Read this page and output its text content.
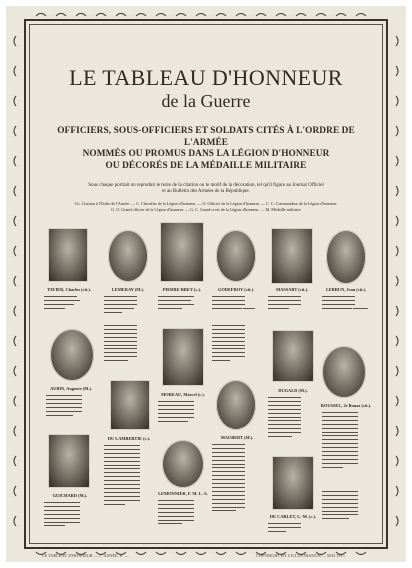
LE TABLEAU D'HONNEUR
de la Guerre
OFFICIERS, SOUS-OFFICIERS ET SOLDATS CITÉS À L'ORDRE DE L'ARMÉE
NOMMÉS OU PROMUS DANS LA LÉGION D'HONNEUR
OU DÉCORÉS DE LA MÉDAILLE MILITAIRE
Sous chaque portrait on reproduit le texte de la citation ou le motif de la décoration, tel qu'il figure au Journal Officiel
et au Bulletin des Armées de la République.
Cit. Citation à l'Ordre de l'Armée. — C. Chevalier de la Légion d'honneur. — O. Officier de la Légion d'honneur. — C. C. Commandeur de la Légion d'honneur.
G. O. Grand officier de la Légion d'honneur. — G. C. Grand-croix de la Légion d'honneur. — M. Médaille militaire
TAVIER, Charles (cit.).	LEMERAY (M.).	PIERRE-BREY (c.).	GODEFROY (cit.).	MASSART (cit.).	LEBRUN, Jean (cit.).
▬▬▬▬▬▬▬▬▬▬▬ ▬▬▬▬▬▬▬▬▬▬▬▬ ▬▬▬▬▬▬▬▬▬▬ ▬▬▬▬▬▬▬
▬▬▬▬▬▬▬▬▬▬▬ ▬▬▬▬▬▬▬▬▬▬▬ ▬▬▬▬▬▬▬▬▬▬▬ ▬▬▬▬▬▬▬▬▬▬ ▬▬▬▬▬▬
▬▬▬▬▬▬▬▬▬▬▬▬ ▬▬▬▬▬▬▬▬▬▬▬ ▬▬▬▬▬▬▬▬▬▬▬▬ ▬▬▬▬▬▬▬▬
▬▬▬▬▬▬▬▬▬▬▬ ▬▬▬▬▬▬▬▬▬▬▬ ▬▬▬▬▬▬▬▬▬▬▬ ▬▬▬▬▬▬▬▬▬▬ ▬▬▬▬
▬▬▬▬▬▬▬▬▬▬▬ ▬▬▬▬▬▬▬▬▬▬▬ ▬▬▬▬▬▬▬▬▬▬▬ ▬▬▬▬▬▬▬
▬▬▬▬▬▬▬▬▬▬▬ ▬▬▬▬▬▬▬▬▬▬▬ ▬▬▬▬▬▬▬▬▬▬▬ ▬▬▬▬▬▬▬▬▬▬ ▬▬▬▬▬
▬▬▬▬▬▬▬▬▬▬▬ ▬▬▬▬▬▬▬▬▬▬▬ ▬▬▬▬▬▬▬▬▬▬▬ ▬▬▬▬▬▬▬▬▬▬▬ ▬▬▬▬▬▬▬▬▬▬▬ ▬▬▬▬▬▬▬▬▬▬▬ ▬▬▬▬▬▬▬▬▬▬▬ ▬▬▬▬▬▬▬▬▬▬▬ ▬▬▬▬▬▬▬▬▬▬▬ ▬▬▬▬▬▬▬▬
▬▬▬▬▬▬▬▬▬▬▬ ▬▬▬▬▬▬▬▬▬▬▬ ▬▬▬▬▬▬▬▬▬▬▬ ▬▬▬▬▬▬▬▬▬▬▬ ▬▬▬▬▬▬▬▬▬▬▬ ▬▬▬▬▬▬▬▬▬▬▬ ▬▬▬▬▬▬▬▬▬▬▬ ▬▬▬▬▬▬▬▬▬▬▬ ▬▬▬▬▬▬▬▬▬▬▬ ▬▬▬▬▬▬
AUBIN, Auguste (M.).
MOREAU, Marcel (c.).
DUGALD (M.).
ROUSSEL, 2e Bouaz (cit.).
▬▬▬▬▬▬▬▬▬▬▬▬ ▬▬▬▬▬▬▬▬▬▬▬▬ ▬▬▬▬▬▬▬▬▬▬▬▬ ▬▬▬▬▬▬▬▬▬▬▬▬ ▬▬▬▬▬▬▬▬▬▬▬▬ ▬▬▬▬▬▬▬▬▬
▬▬▬▬▬▬▬▬▬▬▬▬ ▬▬▬▬▬▬▬▬▬▬▬▬ ▬▬▬▬▬▬▬▬▬▬▬▬ ▬▬▬▬▬▬▬▬▬▬▬▬ ▬▬▬▬▬▬▬▬▬▬▬▬ ▬▬▬▬▬▬▬▬▬▬
▬▬▬▬▬▬▬▬▬▬▬ ▬▬▬▬▬▬▬▬▬▬▬ ▬▬▬▬▬▬▬▬▬▬▬ ▬▬▬▬▬▬▬▬▬▬▬ ▬▬▬▬▬▬▬▬▬▬▬ ▬▬▬▬▬▬▬▬▬▬▬ ▬▬▬▬▬▬▬▬▬▬▬ ▬▬▬▬▬▬▬▬▬▬▬ ▬▬▬▬▬▬▬▬▬▬▬ ▬▬▬▬▬▬▬▬▬▬▬ ▬▬▬▬▬▬▬▬
▬▬▬▬▬▬▬▬▬▬▬▬ ▬▬▬▬▬▬▬▬▬▬▬▬ ▬▬▬▬▬▬▬▬▬▬▬▬ ▬▬▬▬▬▬▬▬▬▬▬▬ ▬▬▬▬▬▬▬▬▬▬▬▬ ▬▬▬▬▬▬▬▬▬▬▬▬ ▬▬▬▬▬▬▬▬▬▬▬▬ ▬▬▬▬▬▬▬▬▬▬▬▬ ▬▬▬▬▬▬▬▬▬▬▬▬ ▬▬▬▬▬▬▬▬▬▬▬▬ ▬▬▬▬▬▬▬▬▬▬▬▬ ▬▬▬▬▬▬▬▬▬▬▬▬ ▬▬▬▬▬▬▬▬▬▬▬▬ ▬▬▬▬▬▬▬▬▬▬▬▬ ▬▬▬▬▬▬▬
DU LAMBERTIE (c.).
▬▬▬▬▬▬▬▬▬▬▬▬ ▬▬▬▬▬▬▬▬▬▬▬▬ ▬▬▬▬▬▬▬▬▬▬▬▬ ▬▬▬▬▬▬▬▬▬▬▬▬ ▬▬▬▬▬▬▬▬▬▬▬▬ ▬▬▬▬▬▬▬▬▬▬▬▬ ▬▬▬▬▬▬▬▬▬▬▬▬ ▬▬▬▬▬▬▬▬▬▬▬▬ ▬▬▬▬▬▬▬▬▬▬▬▬ ▬▬▬▬▬▬▬▬▬▬▬▬ ▬▬▬▬▬▬▬▬▬▬▬▬ ▬▬▬▬▬▬▬▬▬▬▬▬ ▬▬▬▬▬▬▬▬▬▬▬▬ ▬▬▬▬▬▬▬▬▬▬▬▬ ▬▬▬▬▬▬▬▬▬▬▬▬ ▬▬▬▬▬▬▬
MAUBERT (M.).
▬▬▬▬▬▬▬▬▬▬▬ ▬▬▬▬▬▬▬▬▬▬▬ ▬▬▬▬▬▬▬▬▬▬▬ ▬▬▬▬▬▬▬▬▬▬▬ ▬▬▬▬▬▬▬▬▬▬▬ ▬▬▬▬▬▬▬▬▬▬▬ ▬▬▬▬▬▬▬▬▬▬▬ ▬▬▬▬▬▬▬▬▬▬▬ ▬▬▬▬▬▬▬▬▬▬▬ ▬▬▬▬▬▬▬▬▬▬▬ ▬▬▬▬▬▬▬▬▬▬▬ ▬▬▬▬▬▬▬▬▬▬▬ ▬▬▬▬▬▬▬▬▬▬▬ ▬▬▬▬▬▬▬▬▬▬▬ ▬▬▬▬▬▬▬▬▬▬▬ ▬▬▬▬▬▬▬▬▬▬▬ ▬▬▬▬▬▬▬▬▬▬▬ ▬▬▬▬▬▬▬▬
GUICHARD (M.).
▬▬▬▬▬▬▬▬▬▬▬▬ ▬▬▬▬▬▬▬▬▬▬▬▬ ▬▬▬▬▬▬▬▬▬▬▬▬ ▬▬▬▬▬▬▬▬▬▬▬▬ ▬▬▬▬▬▬▬▬▬▬▬▬ ▬▬▬▬▬▬▬▬▬▬▬▬ ▬▬▬▬▬▬▬
LEMONNIER, F. M. L. A.
▬▬▬▬▬▬▬▬▬▬▬▬ ▬▬▬▬▬▬▬▬▬▬▬▬ ▬▬▬▬▬▬▬▬▬▬▬▬ ▬▬▬▬▬▬▬▬▬▬▬▬ ▬▬▬▬▬▬▬▬▬▬▬▬ ▬▬▬▬▬▬▬▬▬▬▬▬ ▬▬▬▬▬▬▬▬
DE CARLET, L.-M. (c.).
▬▬▬▬▬▬▬▬▬▬▬ ▬▬▬▬▬▬▬▬▬▬▬ ▬▬▬▬▬▬
▬▬▬▬▬▬▬▬▬▬▬▬ ▬▬▬▬▬▬▬▬▬▬▬▬ ▬▬▬▬▬▬▬▬▬▬▬▬ ▬▬▬▬▬▬▬▬▬▬▬▬ ▬▬▬▬▬▬▬▬▬▬▬▬ ▬▬▬▬▬▬▬▬▬▬▬▬ ▬▬▬▬▬▬▬▬▬▬▬▬ ▬▬▬▬▬▬▬▬▬
LE TABLEAU D'HONNEUR — 1° ANNÉE, n° —	COPYRIGHT BY L'ILLUSTRATION — MAI 1915
